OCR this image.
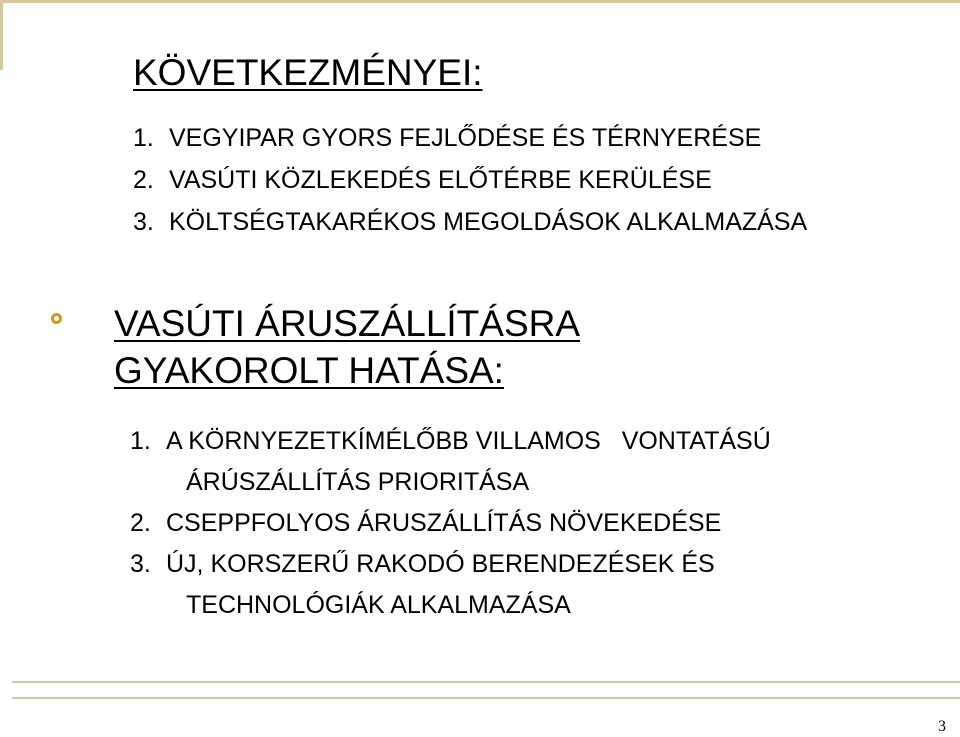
KÖVETKEZMÉNYEI:
1. VEGYIPAR GYORS FEJLŐDÉSE ÉS TÉRNYERÉSE
2. VASÚTI KÖZLEKEDÉS ELŐTÉRBE KERÜLÉSE
3. KÖLTSÉGTAKARÉKOS MEGOLDÁSOK ALKALMAZÁSA
VASÚTI ÁRUSZÁLLÍTÁSRA
GYAKOROLT HATÁSA:
1. A KÖRNYEZETKÍMÉLŐBB VILLAMOS   VONTATÁSÚ
ÁRÚSZÁLLÍTÁS PRIORITÁSA
2. CSEPPFOLYOS ÁRUSZÁLLÍTÁS NÖVEKEDÉSE
3. ÚJ, KORSZERŰ RAKODÓ BERENDEZÉSEK ÉS
TECHNOLÓGIÁK ALKALMAZÁSA
3
